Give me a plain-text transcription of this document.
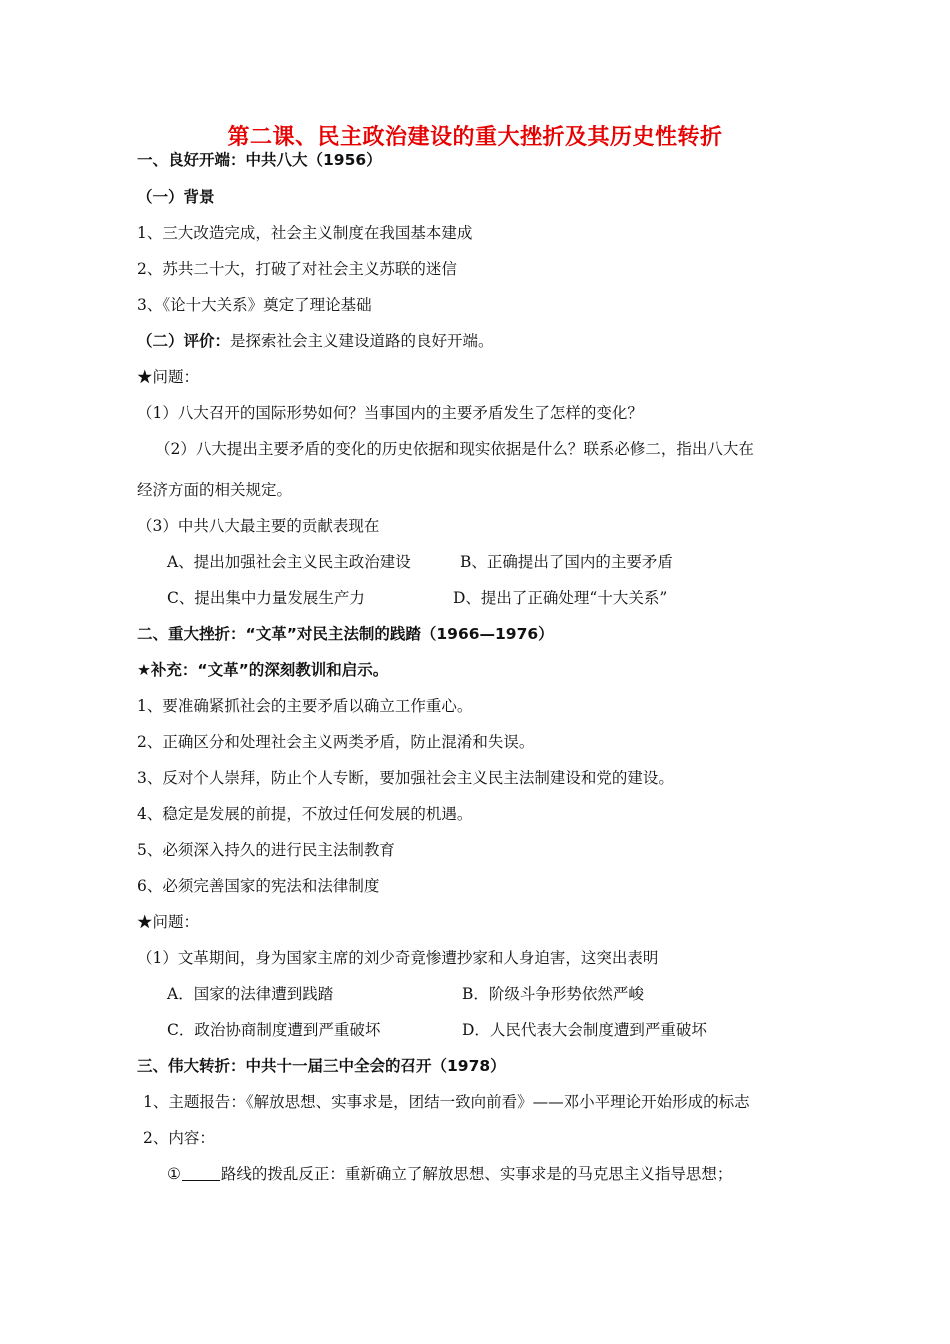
第二课、民主政治建设的重大挫折及其历史性转折
一、良好开端：中共八大（1956）
（一）背景
1、三大改造完成，社会主义制度在我国基本建成
2、苏共二十大，打破了对社会主义苏联的迷信
3、《论十大关系》奠定了理论基础
（二）评价：是探索社会主义建设道路的良好开端。
★问题：
（1）八大召开的国际形势如何？当事国内的主要矛盾发生了怎样的变化？
（2）八大提出主要矛盾的变化的历史依据和现实依据是什么？联系必修二，指出八大在
经济方面的相关规定。
（3）中共八大最主要的贡献表现在
A、提出加强社会主义民主政治建设	B、正确提出了国内的主要矛盾
C、提出集中力量发展生产力	D、提出了正确处理“十大关系”
二、重大挫折：“文革”对民主法制的践踏（1966—1976）
★补充：“文革”的深刻教训和启示。
1、要准确紧抓社会的主要矛盾以确立工作重心。
2、正确区分和处理社会主义两类矛盾，防止混淆和失误。
3、反对个人崇拜，防止个人专断，要加强社会主义民主法制建设和党的建设。
4、稳定是发展的前提，不放过任何发展的机遇。
5、必须深入持久的进行民主法制教育
6、必须完善国家的宪法和法律制度
★问题：
（1）文革期间，身为国家主席的刘少奇竟惨遭抄家和人身迫害，这突出表明
A．国家的法律遭到践踏	B．阶级斗争形势依然严峻
C．政治协商制度遭到严重破坏	D．人民代表大会制度遭到严重破坏
三、伟大转折：中共十一届三中全会的召开（1978）
1、主题报告：《解放思想、实事求是，团结一致向前看》——邓小平理论开始形成的标志
2、内容：
①	路线的拨乱反正：重新确立了解放思想、实事求是的马克思主义指导思想；
